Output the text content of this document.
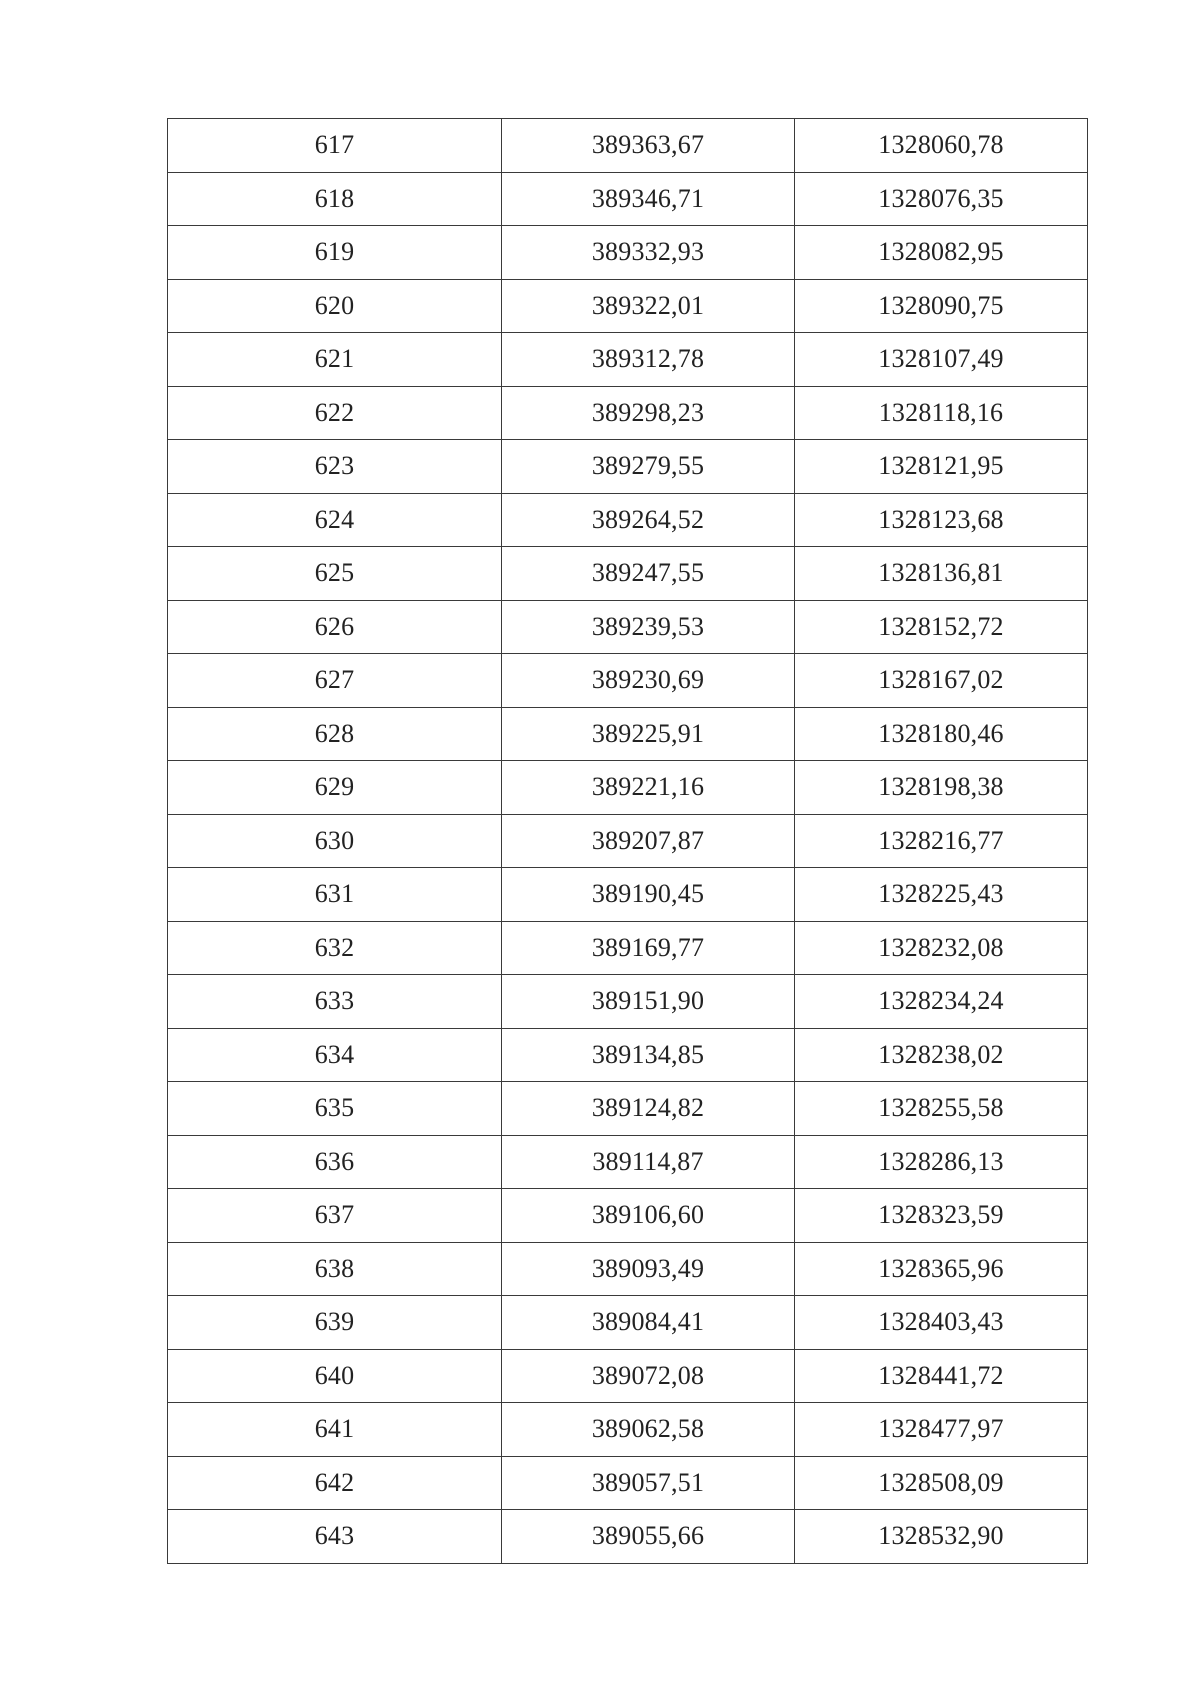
617	389363,67	1328060,78
618	389346,71	1328076,35
619	389332,93	1328082,95
620	389322,01	1328090,75
621	389312,78	1328107,49
622	389298,23	1328118,16
623	389279,55	1328121,95
624	389264,52	1328123,68
625	389247,55	1328136,81
626	389239,53	1328152,72
627	389230,69	1328167,02
628	389225,91	1328180,46
629	389221,16	1328198,38
630	389207,87	1328216,77
631	389190,45	1328225,43
632	389169,77	1328232,08
633	389151,90	1328234,24
634	389134,85	1328238,02
635	389124,82	1328255,58
636	389114,87	1328286,13
637	389106,60	1328323,59
638	389093,49	1328365,96
639	389084,41	1328403,43
640	389072,08	1328441,72
641	389062,58	1328477,97
642	389057,51	1328508,09
643	389055,66	1328532,90
